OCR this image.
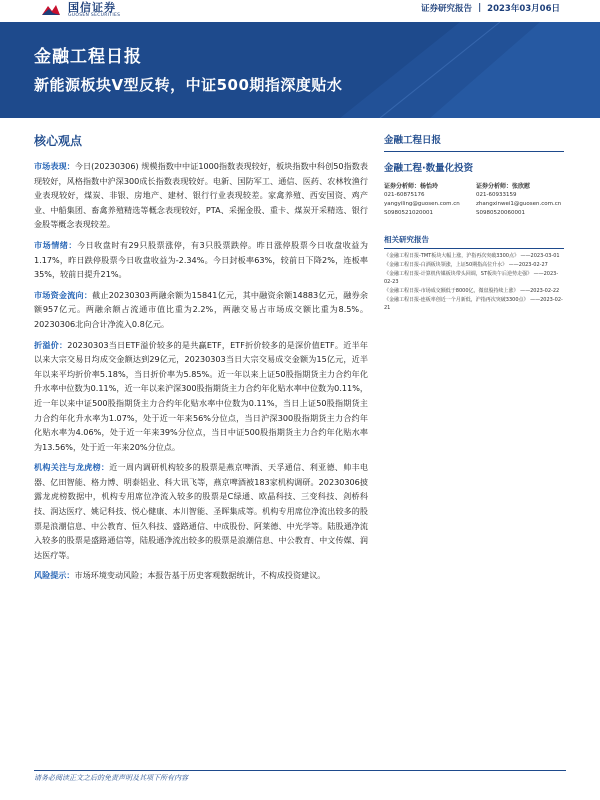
国信证券
GUOSEN SECURITIES
证券研究报告 | 2023年03月06日
金融工程日报
新能源板块V型反转，中证500期指深度贴水
核心观点

市场表现：今日(20230306) 规模指数中中证1000指数表现较好，板块指数中科创50指数表现较好，风格指数中沪深300成长指数表现较好。电新、国防军工、通信、医药、农林牧渔行业表现较好，煤炭、非银、房地产、建材、银行行业表现较差。家禽养殖、西安国资、鸡产业、中船集团、畜禽养殖精选等概念表现较好，PTA、采掘金股、重卡、煤炭开采精选、银行金股等概念表现较差。

市场情绪：今日收盘时有29只股票涨停，有3只股票跌停。昨日涨停股票今日收盘收益为1.17%，昨日跌停股票今日收盘收益为-2.34%。今日封板率63%，较前日下降2%，连板率35%，较前日提升21%。

市场资金流向：截止20230303两融余额为15841亿元，其中融资余额14883亿元，融券余额957亿元。两融余额占流通市值比重为2.2%，两融交易占市场成交额比重为8.5%。20230306北向合计净流入0.8亿元。

折溢价：20230303当日ETF溢价较多的是共赢ETF，ETF折价较多的是深价值ETF。近半年以来大宗交易日均成交金额达到29亿元，20230303当日大宗交易成交金额为15亿元，近半年以来平均折价率5.18%，当日折价率为5.85%。近一年以来上证50股指期货主力合约年化升水率中位数为0.11%，近一年以来沪深300股指期货主力合约年化贴水率中位数为0.11%，近一年以来中证500股指期货主力合约年化贴水率中位数为0.11%，当日上证50股指期货主力合约年化升水率为1.07%，处于近一年来56%分位点，当日沪深300股指期货主力合约年化贴水率为4.06%，处于近一年来39%分位点，当日中证500股指期货主力合约年化贴水率为13.56%，处于近一年来20%分位点。

机构关注与龙虎榜：近一周内调研机构较多的股票是燕京啤酒、天孚通信、利亚德、帅丰电器、亿田智能、格力博、明泰铝业、科大讯飞等，燕京啤酒被183家机构调研。20230306披露龙虎榜数据中，机构专用席位净流入较多的股票是C绿通、欧晶科技、三变科技、剑桥科技、润达医疗、姚记科技、悦心健康、本川智能、圣晖集成等。机构专用席位净流出较多的股票是浪潮信息、中公教育、恒久科技、盛路通信、中成股份、阿莱德、中光学等。陆股通净流入较多的股票是盛路通信等，陆股通净流出较多的股票是浪潮信息、中公教育、中文传媒、润达医疗等。

风险提示：市场环境变动风险；本报告基于历史客观数据统计，不构成投资建议。

金融工程日报
金融工程·数量化投资
证券分析师：杨怡玲
021-60875176
yangyiling@guosen.com.cn
S0980521020001
证券分析师：张欣慰
021-60933159
zhangxinwei1@guosen.com.cn
S0980520060001
相关研究报告
《金融工程日报-TMT板块大幅上涨，沪指再次突破3300点》 ——2023-03-01
《金融工程日报-白酒板块领涨，上证50期指高位升水》 ——2023-02-27
《金融工程日报-计算机传媒板块带头回调，ST板块午后逆势走强》 ——2023-02-23
《金融工程日报-市场成交额低于8000亿，微盘股持续上涨》 ——2023-02-22
《金融工程日报-连板率创近一个月新低，沪指再次突破3300点》 ——2023-02-21
请务必阅读正文之后的免责声明及其项下所有内容
